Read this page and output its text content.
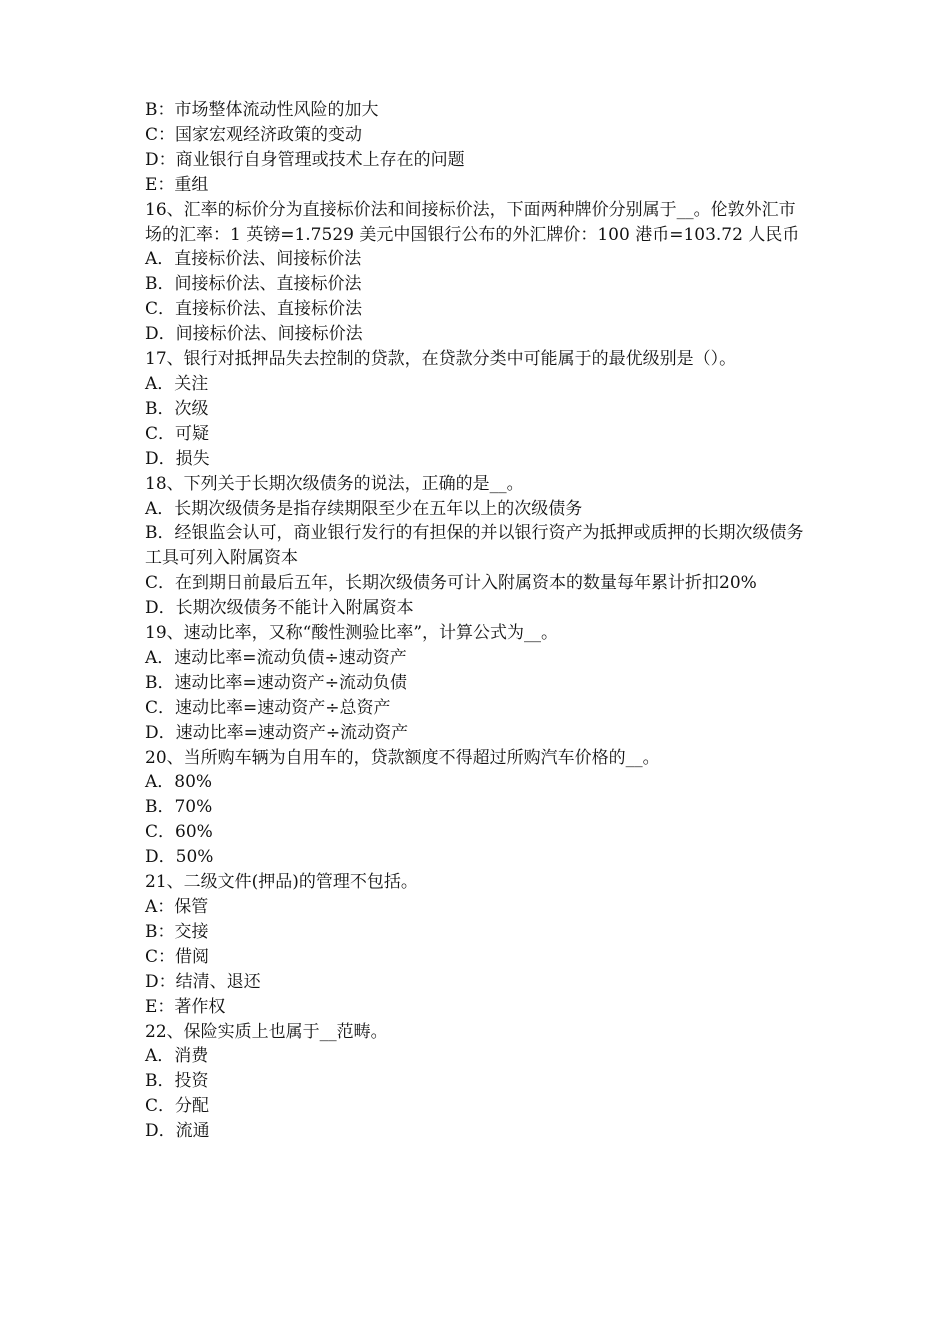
B：市场整体流动性风险的加大
C：国家宏观经济政策的变动
D：商业银行自身管理或技术上存在的问题
E：重组
16、汇率的标价分为直接标价法和间接标价法，下面两种牌价分别属于__。伦敦外汇市场的汇率：1 英镑=1.7529 美元中国银行公布的外汇牌价：100 港币=103.72 人民币
A．直接标价法、间接标价法
B．间接标价法、直接标价法
C．直接标价法、直接标价法
D．间接标价法、间接标价法
17、银行对抵押品失去控制的贷款，在贷款分类中可能属于的最优级别是（）。
A．关注
B．次级
C．可疑
D．损失
18、下列关于长期次级债务的说法，正确的是__。
A．长期次级债务是指存续期限至少在五年以上的次级债务
B．经银监会认可，商业银行发行的有担保的并以银行资产为抵押或质押的长期次级债务工具可列入附属资本
C．在到期日前最后五年，长期次级债务可计入附属资本的数量每年累计折扣20%
D．长期次级债务不能计入附属资本
19、速动比率，又称“酸性测验比率”，计算公式为__。
A．速动比率=流动负债÷速动资产
B．速动比率=速动资产÷流动负债
C．速动比率=速动资产÷总资产
D．速动比率=速动资产÷流动资产
20、当所购车辆为自用车的，贷款额度不得超过所购汽车价格的__。
A．80%
B．70%
C．60%
D．50%
21、二级文件(押品)的管理不包括。
A：保管
B：交接
C：借阅
D：结清、退还
E：著作权
22、保险实质上也属于__范畴。
A．消费
B．投资
C．分配
D．流通
